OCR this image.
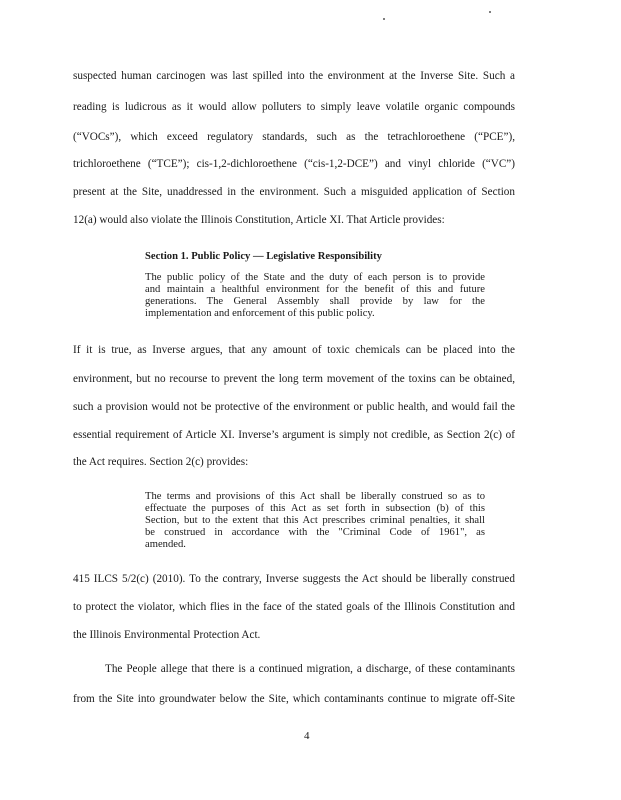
suspected human carcinogen was last spilled into the environment at the Inverse Site. Such a
reading is ludicrous as it would allow polluters to simply leave volatile organic compounds
(“VOCs”), which exceed regulatory standards, such as the tetrachloroethene (“PCE”),
trichloroethene (“TCE”); cis-1,2-dichloroethene (“cis-1,2-DCE”) and vinyl chloride (“VC”)
present at the Site, unaddressed in the environment. Such a misguided application of Section
12(a) would also violate the Illinois Constitution, Article XI. That Article provides:
Section 1. Public Policy — Legislative Responsibility
The public policy of the State and the duty of each person is to provide
and maintain a healthful environment for the benefit of this and future
generations. The General Assembly shall provide by law for the
implementation and enforcement of this public policy.
If it is true, as Inverse argues, that any amount of toxic chemicals can be placed into the
environment, but no recourse to prevent the long term movement of the toxins can be obtained,
such a provision would not be protective of the environment or public health, and would fail the
essential requirement of Article XI. Inverse’s argument is simply not credible, as Section 2(c) of
the Act requires. Section 2(c) provides:
The terms and provisions of this Act shall be liberally construed so as to
effectuate the purposes of this Act as set forth in subsection (b) of this
Section, but to the extent that this Act prescribes criminal penalties, it shall
be construed in accordance with the "Criminal Code of 1961", as
amended.
415 ILCS 5/2(c) (2010). To the contrary, Inverse suggests the Act should be liberally construed
to protect the violator, which flies in the face of the stated goals of the Illinois Constitution and
the Illinois Environmental Protection Act.
The People allege that there is a continued migration, a discharge, of these contaminants
from the Site into groundwater below the Site, which contaminants continue to migrate off-Site
4
